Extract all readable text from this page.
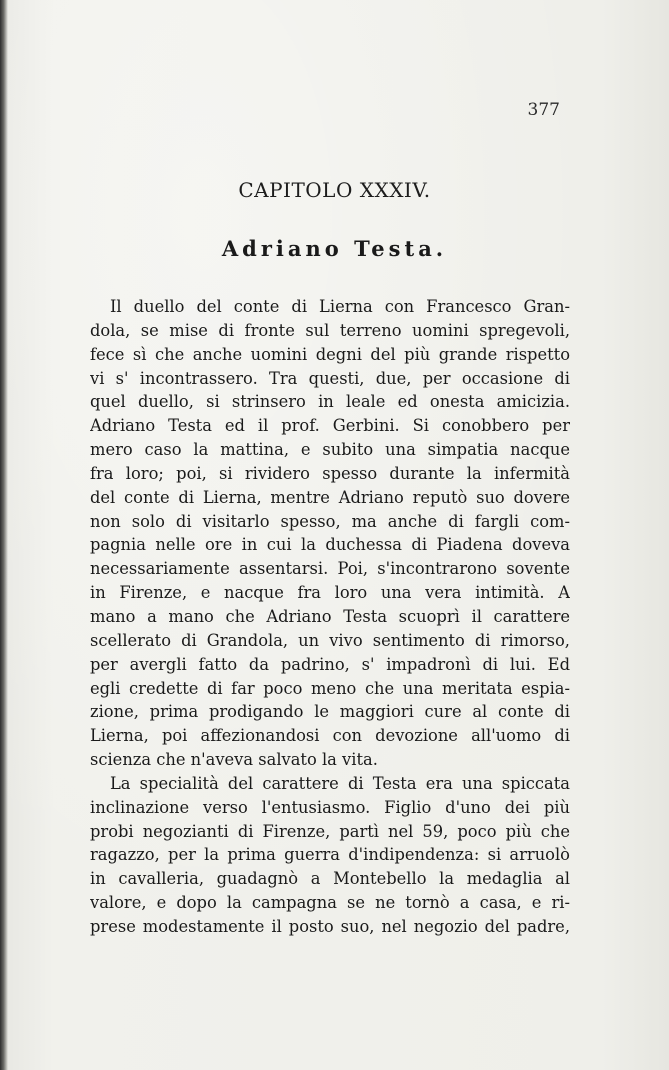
377
CAPITOLO XXXIV.
Adriano Testa.
Il duello del conte di Lierna con Francesco Gran-
dola, se mise di fronte sul terreno uomini spregevoli,
fece sì che anche uomini degni del più grande rispetto
vi s' incontrassero. Tra questi, due, per occasione di
quel duello, si strinsero in leale ed onesta amicizia.
Adriano Testa ed il prof. Gerbini. Si conobbero per
mero caso la mattina, e subito una simpatia nacque
fra loro; poi, si rividero spesso durante la infermità
del conte di Lierna, mentre Adriano reputò suo dovere
non solo di visitarlo spesso, ma anche di fargli com-
pagnia nelle ore in cui la duchessa di Piadena doveva
necessariamente assentarsi. Poi, s'incontrarono sovente
in Firenze, e nacque fra loro una vera intimità. A
mano a mano che Adriano Testa scuoprì il carattere
scellerato di Grandola, un vivo sentimento di rimorso,
per avergli fatto da padrino, s' impadronì di lui. Ed
egli credette di far poco meno che una meritata espia-
zione, prima prodigando le maggiori cure al conte di
Lierna, poi affezionandosi con devozione all'uomo di
scienza che n'aveva salvato la vita.
La specialità del carattere di Testa era una spiccata
inclinazione verso l'entusiasmo. Figlio d'uno dei più
probi negozianti di Firenze, partì nel 59, poco più che
ragazzo, per la prima guerra d'indipendenza: si arruolò
in cavalleria, guadagnò a Montebello la medaglia al
valore, e dopo la campagna se ne tornò a casa, e ri-
prese modestamente il posto suo, nel negozio del padre,
